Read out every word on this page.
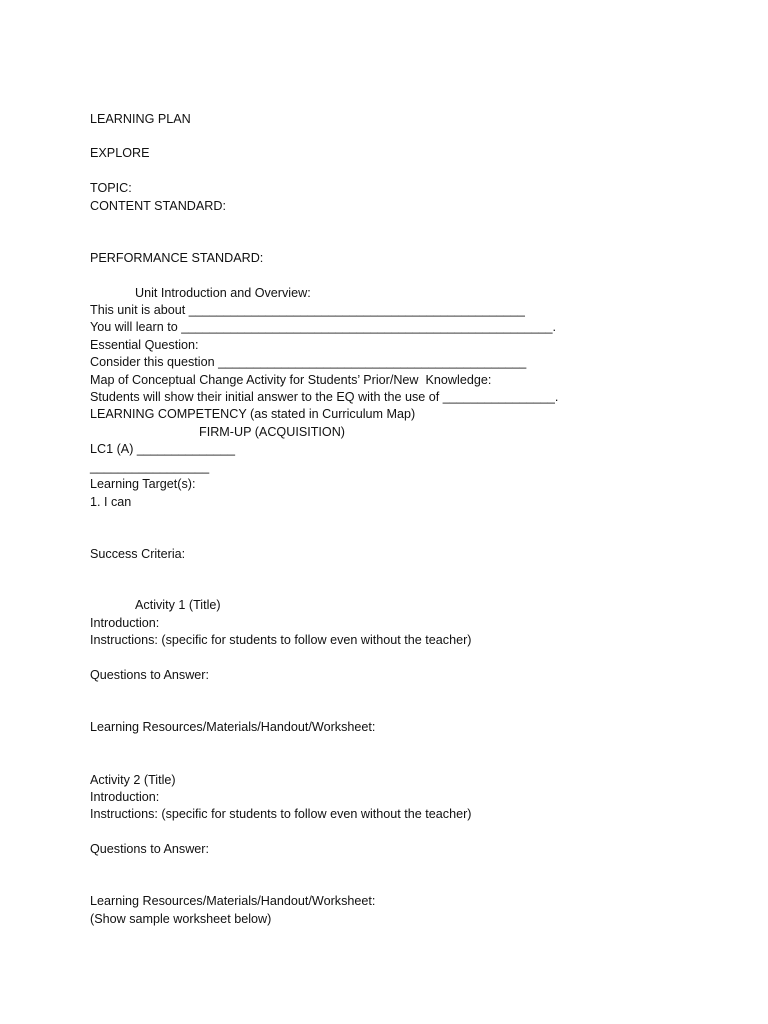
LEARNING PLAN

EXPLORE

TOPIC:

CONTENT STANDARD:

PERFORMANCE STANDARD:

Unit Introduction and Overview:

This unit is about ________________________________________________

You will learn to _____________________________________________________.

Essential Question:

Consider this question ____________________________________________

Map of Conceptual Change Activity for Students’ Prior/New  Knowledge:

Students will show their initial answer to the EQ with the use of ________________.

LEARNING COMPETENCY (as stated in Curriculum Map)

FIRM-UP (ACQUISITION)

LC1 (A) ______________

_________________

Learning Target(s):

1. I can

Success Criteria:

Activity 1 (Title)

Introduction:

Instructions: (specific for students to follow even without the teacher)

Questions to Answer:

Learning Resources/Materials/Handout/Worksheet:

Activity 2 (Title)

Introduction:

Instructions: (specific for students to follow even without the teacher)

Questions to Answer:

Learning Resources/Materials/Handout/Worksheet:

(Show sample worksheet below)
